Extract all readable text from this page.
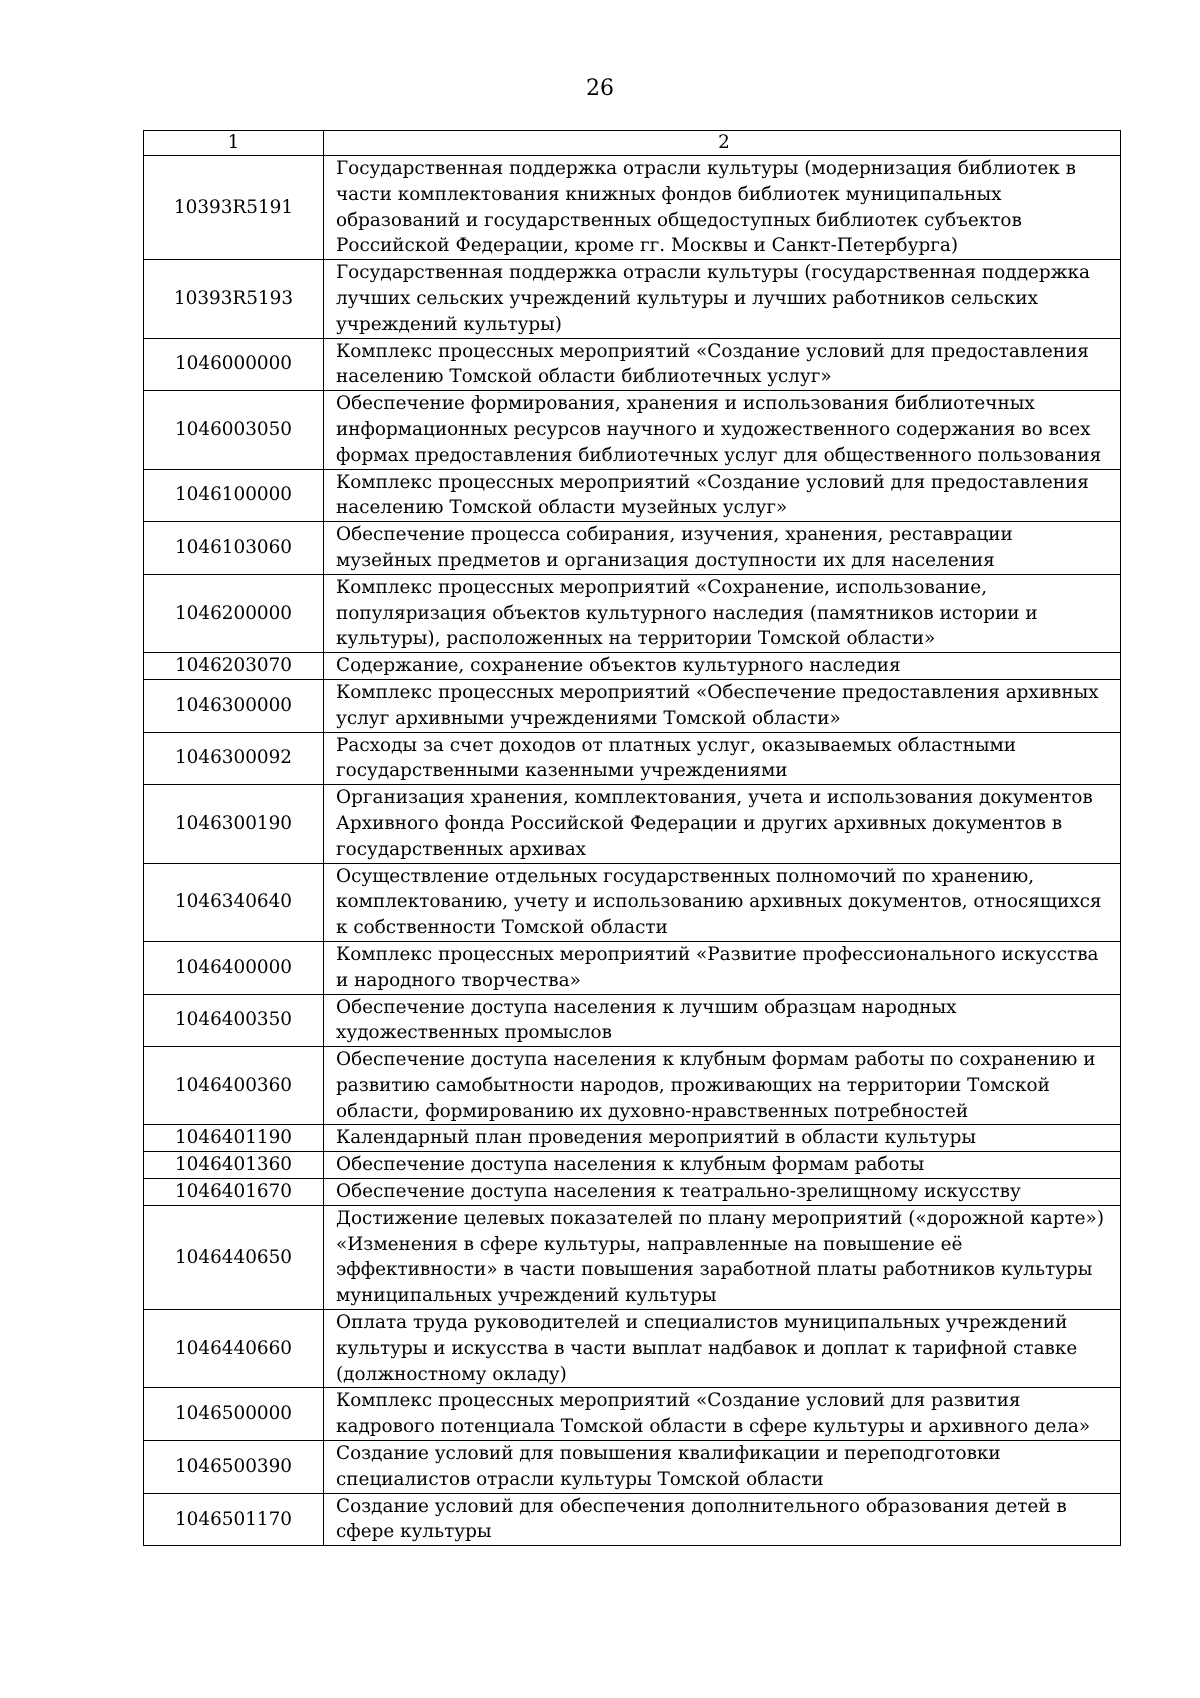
26
1	2
10393R5191	Государственная поддержка отрасли культуры (модернизация библиотек в части комплектования книжных фондов библиотек муниципальных образований и государственных общедоступных библиотек субъектов Российской Федерации, кроме гг. Москвы и Санкт-Петербурга)
10393R5193	Государственная поддержка отрасли культуры (государственная поддержка лучших сельских учреждений культуры и лучших работников сельских учреждений культуры)
1046000000	Комплекс процессных мероприятий «Создание условий для предоставления населению Томской области библиотечных услуг»
1046003050	Обеспечение формирования, хранения и использования библиотечных информационных ресурсов научного и художественного содержания во всех формах предоставления библиотечных услуг для общественного пользования
1046100000	Комплекс процессных мероприятий «Создание условий для предоставления населению Томской области музейных услуг»
1046103060	Обеспечение процесса собирания, изучения, хранения, реставрации музейных предметов и организация доступности их для населения
1046200000	Комплекс процессных мероприятий «Сохранение, использование, популяризация объектов культурного наследия (памятников истории и культуры), расположенных на территории Томской области»
1046203070	Содержание, сохранение объектов культурного наследия
1046300000	Комплекс процессных мероприятий «Обеспечение предоставления архивных услуг архивными учреждениями Томской области»
1046300092	Расходы за счет доходов от платных услуг, оказываемых областными государственными казенными учреждениями
1046300190	Организация хранения, комплектования, учета и использования документов Архивного фонда Российской Федерации и других архивных документов в государственных архивах
1046340640	Осуществление отдельных государственных полномочий по хранению, комплектованию, учету и использованию архивных документов, относящихся к собственности Томской области
1046400000	Комплекс процессных мероприятий «Развитие профессионального искусства и народного творчества»
1046400350	Обеспечение доступа населения к лучшим образцам народных художественных промыслов
1046400360	Обеспечение доступа населения к клубным формам работы по сохранению и развитию самобытности народов, проживающих на территории Томской области, формированию их духовно-нравственных потребностей
1046401190	Календарный план проведения мероприятий в области культуры
1046401360	Обеспечение доступа населения к клубным формам работы
1046401670	Обеспечение доступа населения к театрально-зрелищному искусству
1046440650	Достижение целевых показателей по плану мероприятий («дорожной карте») «Изменения в сфере культуры, направленные на повышение её эффективности» в части повышения заработной платы работников культуры муниципальных учреждений культуры
1046440660	Оплата труда руководителей и специалистов муниципальных учреждений культуры и искусства в части выплат надбавок и доплат к тарифной ставке (должностному окладу)
1046500000	Комплекс процессных мероприятий «Создание условий для развития кадрового потенциала Томской области в сфере культуры и архивного дела»
1046500390	Создание условий для повышения квалификации и переподготовки специалистов отрасли культуры Томской области
1046501170	Создание условий для обеспечения дополнительного образования детей в сфере культуры
